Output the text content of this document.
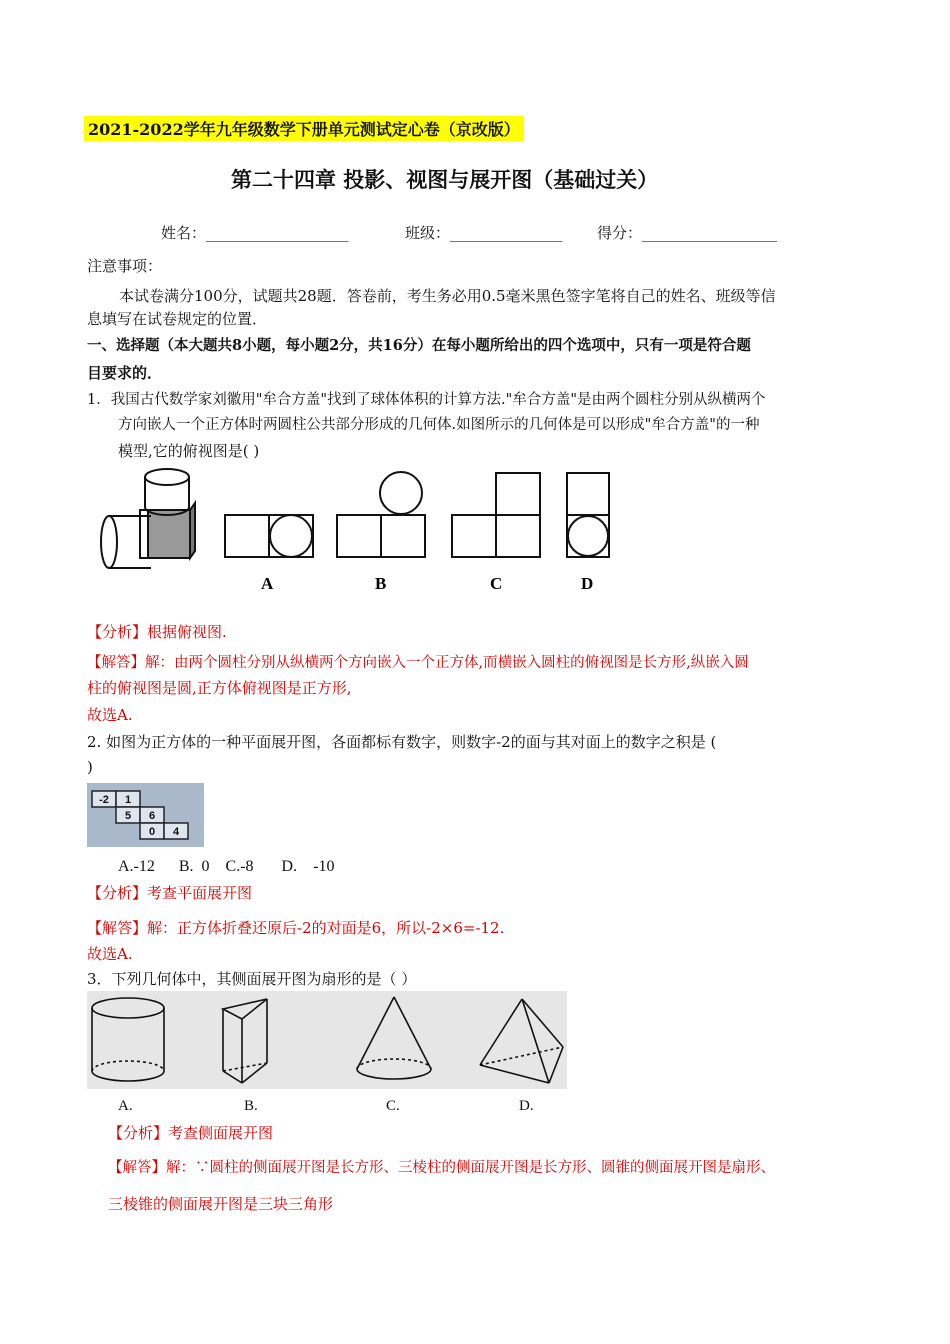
2021-2022学年九年级数学下册单元测试定心卷（京改版）
第二十四章 投影、视图与展开图（基础过关）
姓名：___________________	班级：_______________ 得分：__________________
注意事项：
本试卷满分100分，试题共28题．答卷前，考生务必用0.5毫米黑色签字笔将自己的姓名、班级等信
息填写在试卷规定的位置．
一、选择题（本大题共8小题，每小题2分，共16分）在每小题所给出的四个选项中，只有一项是符合题
目要求的．
1．我国古代数学家刘徽用"牟合方盖"找到了球体体积的计算方法."牟合方盖"是由两个圆柱分别从纵横两个
方向嵌人一个正方体时两圆柱公共部分形成的几何体.如图所示的几何体是可以形成"牟合方盖"的一种
模型,它的俯视图是( )
A	B	C	D
【分析】根据俯视图.
【解答】解：由两个圆柱分别从纵横两个方向嵌入一个正方体,而横嵌入圆柱的俯视图是长方形,纵嵌入圆
柱的俯视图是圆,正方体俯视图是正方形,
故选A.
2. 如图为正方体的一种平面展开图，各面都标有数字，则数字-2的面与其对面上的数字之积是 (
)
-2 1
5 6
0 4
A.-12      B.  0    C.-8       D.    -10
【分析】考查平面展开图
【解答】解：正方体折叠还原后-2的对面是6，所以-2×6=-12.
故选A.
3．下列几何体中，其侧面展开图为扇形的是（ ）
A.	B.	C.	D.
【分析】考查侧面展开图
【解答】解：∵圆柱的侧面展开图是长方形、三棱柱的侧面展开图是长方形、圆锥的侧面展开图是扇形、
三棱锥的侧面展开图是三块三角形
